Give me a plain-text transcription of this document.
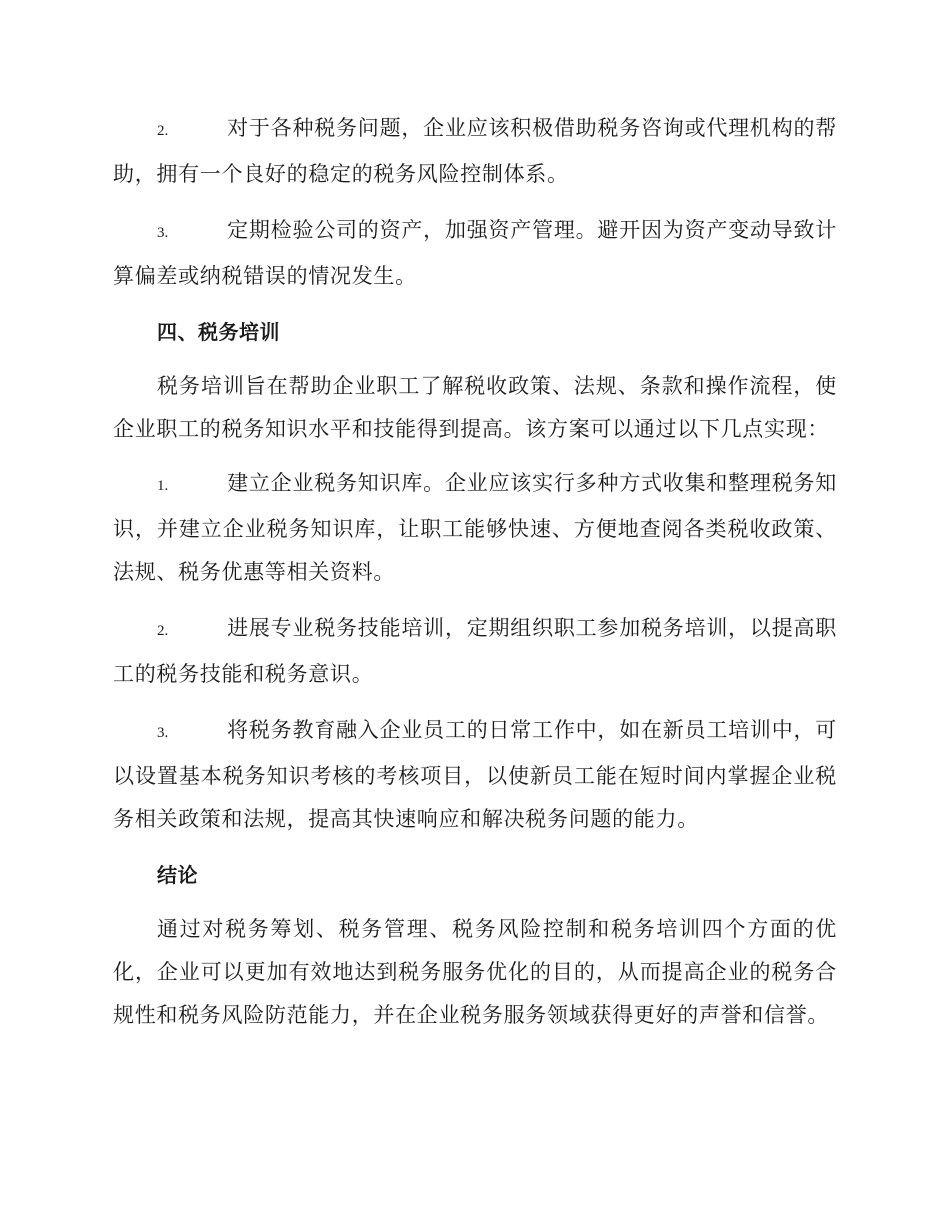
2.	对于各种税务问题，企业应该积极借助税务咨询或代理机构的帮助，拥有一个良好的稳定的税务风险控制体系。

3.	定期检验公司的资产，加强资产管理。避开因为资产变动导致计算偏差或纳税错误的情况发生。

四、税务培训

税务培训旨在帮助企业职工了解税收政策、法规、条款和操作流程，使企业职工的税务知识水平和技能得到提高。该方案可以通过以下几点实现：

1.	建立企业税务知识库。企业应该实行多种方式收集和整理税务知识，并建立企业税务知识库，让职工能够快速、方便地查阅各类税收政策、法规、税务优惠等相关资料。

2.	进展专业税务技能培训，定期组织职工参加税务培训，以提高职工的税务技能和税务意识。

3.	将税务教育融入企业员工的日常工作中，如在新员工培训中，可以设置基本税务知识考核的考核项目，以使新员工能在短时间内掌握企业税务相关政策和法规，提高其快速响应和解决税务问题的能力。

结论

通过对税务筹划、税务管理、税务风险控制和税务培训四个方面的优化，企业可以更加有效地达到税务服务优化的目的，从而提高企业的税务合规性和税务风险防范能力，并在企业税务服务领域获得更好的声誉和信誉。
